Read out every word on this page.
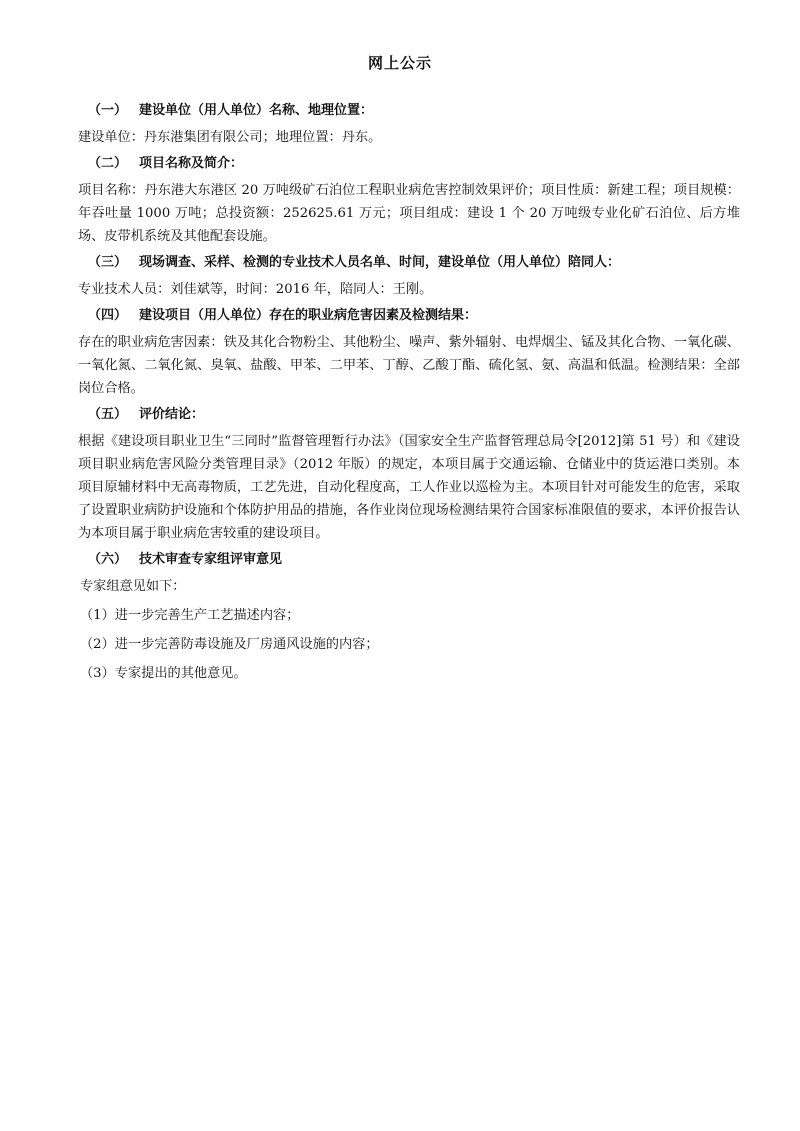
网上公示
（一） 建设单位（用人单位）名称、地理位置：
建设单位：丹东港集团有限公司；地理位置：丹东。
（二） 项目名称及简介：
项目名称：丹东港大东港区 20 万吨级矿石泊位工程职业病危害控制效果评价；项目性质：新建工程；项目规模：年吞吐量 1000 万吨；总投资额：252625.61 万元；项目组成：建设 1 个 20 万吨级专业化矿石泊位、后方堆场、皮带机系统及其他配套设施。
（三） 现场调查、采样、检测的专业技术人员名单、时间，建设单位（用人单位）陪同人：
专业技术人员：刘佳斌等，时间：2016 年，陪同人：王刚。
（四） 建设项目（用人单位）存在的职业病危害因素及检测结果：
存在的职业病危害因素：铁及其化合物粉尘、其他粉尘、噪声、紫外辐射、电焊烟尘、锰及其化合物、一氧化碳、一氧化氮、二氧化氮、臭氧、盐酸、甲苯、二甲苯、丁醇、乙酸丁酯、硫化氢、氨、高温和低温。检测结果：全部岗位合格。
（五） 评价结论：
根据《建设项目职业卫生“三同时”监督管理暂行办法》（国家安全生产监督管理总局令[2012]第 51 号）和《建设项目职业病危害风险分类管理目录》（2012 年版）的规定，本项目属于交通运输、仓储业中的货运港口类别。本项目原辅材料中无高毒物质，工艺先进，自动化程度高，工人作业以巡检为主。本项目针对可能发生的危害，采取了设置职业病防护设施和个体防护用品的措施，各作业岗位现场检测结果符合国家标准限值的要求，本评价报告认为本项目属于职业病危害较重的建设项目。
（六） 技术审查专家组评审意见
专家组意见如下：
（1）进一步完善生产工艺描述内容；
（2）进一步完善防毒设施及厂房通风设施的内容；
（3）专家提出的其他意见。
